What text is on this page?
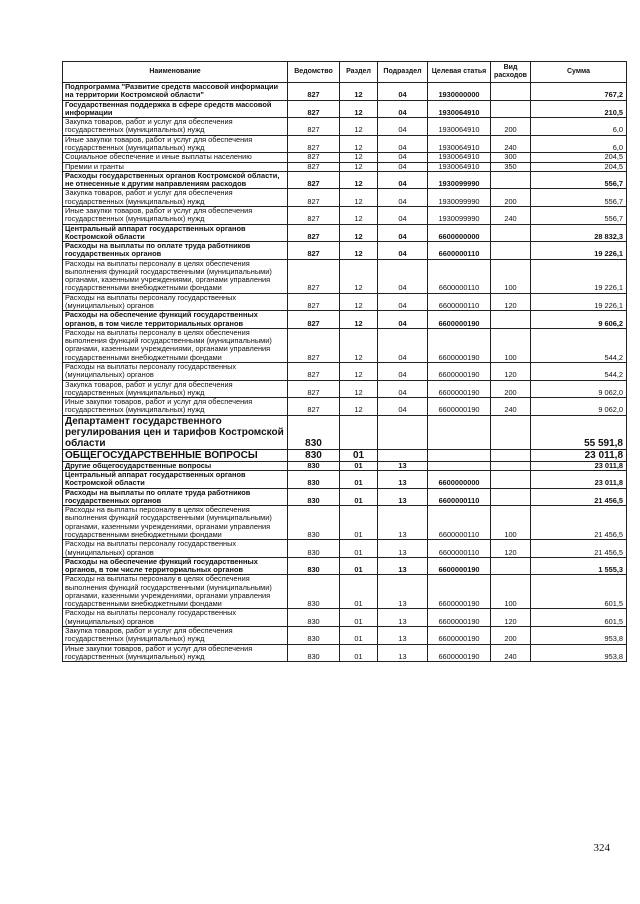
Наименование	Ведомство	Раздел	Подраздел	Целевая статья	Вид расходов	Сумма
Подпрограмма "Развитие средств массовой информации на территории Костромской области"	827	12	04	1930000000		767,2
Государственная поддержка в сфере средств массовой информации	827	12	04	1930064910		210,5
Закупка товаров, работ и услуг для обеспечения государственных (муниципальных) нужд	827	12	04	1930064910	200	6,0
Иные закупки товаров, работ и услуг для обеспечения государственных (муниципальных) нужд	827	12	04	1930064910	240	6,0
Социальное обеспечение и иные выплаты населению	827	12	04	1930064910	300	204,5
Премии и гранты	827	12	04	1930064910	350	204,5
Расходы государственных органов Костромской области, не отнесенные к другим направлениям расходов	827	12	04	1930099990		556,7
Закупка товаров, работ и услуг для обеспечения государственных (муниципальных) нужд	827	12	04	1930099990	200	556,7
Иные закупки товаров, работ и услуг для обеспечения государственных (муниципальных) нужд	827	12	04	1930099990	240	556,7
Центральный аппарат государственных органов Костромской области	827	12	04	6600000000		28 832,3
Расходы на выплаты по оплате труда работников государственных органов	827	12	04	6600000110		19 226,1
Расходы на выплаты персоналу в целях обеспечения выполнения функций государственными (муниципальными) органами, казенными учреждениями, органами управления государственными внебюджетными фондами	827	12	04	6600000110	100	19 226,1
Расходы на выплаты персоналу государственных (муниципальных) органов	827	12	04	6600000110	120	19 226,1
Расходы на обеспечение функций государственных органов, в том числе территориальных органов	827	12	04	6600000190		9 606,2
Расходы на выплаты персоналу в целях обеспечения выполнения функций государственными (муниципальными) органами, казенными учреждениями, органами управления государственными внебюджетными фондами	827	12	04	6600000190	100	544,2
Расходы на выплаты персоналу государственных (муниципальных) органов	827	12	04	6600000190	120	544,2
Закупка товаров, работ и услуг для обеспечения государственных (муниципальных) нужд	827	12	04	6600000190	200	9 062,0
Иные закупки товаров, работ и услуг для обеспечения государственных (муниципальных) нужд	827	12	04	6600000190	240	9 062,0
Департамент государственного регулирования цен и тарифов Костромской области	830					55 591,8
ОБЩЕГОСУДАРСТВЕННЫЕ ВОПРОСЫ	830	01				23 011,8
Другие общегосударственные вопросы	830	01	13			23 011,8
Центральный аппарат государственных органов Костромской области	830	01	13	6600000000		23 011,8
Расходы на выплаты по оплате труда работников государственных органов	830	01	13	6600000110		21 456,5
Расходы на выплаты персоналу в целях обеспечения выполнения функций государственными (муниципальными) органами, казенными учреждениями, органами управления государственными внебюджетными фондами	830	01	13	6600000110	100	21 456,5
Расходы на выплаты персоналу государственных (муниципальных) органов	830	01	13	6600000110	120	21 456,5
Расходы на обеспечение функций государственных органов, в том числе территориальных органов	830	01	13	6600000190		1 555,3
Расходы на выплаты персоналу в целях обеспечения выполнения функций государственными (муниципальными) органами, казенными учреждениями, органами управления государственными внебюджетными фондами	830	01	13	6600000190	100	601,5
Расходы на выплаты персоналу государственных (муниципальных) органов	830	01	13	6600000190	120	601,5
Закупка товаров, работ и услуг для обеспечения государственных (муниципальных) нужд	830	01	13	6600000190	200	953,8
Иные закупки товаров, работ и услуг для обеспечения государственных (муниципальных) нужд	830	01	13	6600000190	240	953,8
324
